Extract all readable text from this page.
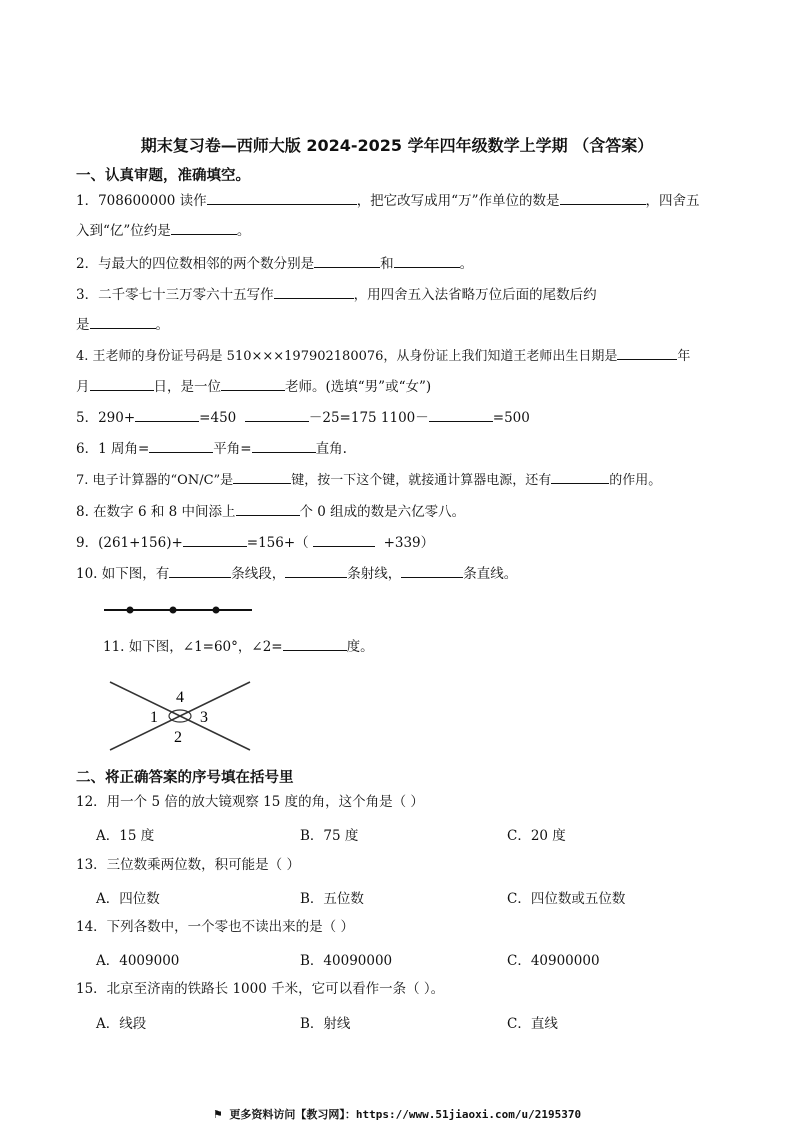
期末复习卷—西师大版 2024-2025 学年四年级数学上学期 （含答案）
一、认真审题，准确填空。
1．708600000 读作	，把它改写成用“万”作单位的数是	，四舍五
入到“亿”位约是	。
2．与最大的四位数相邻的两个数分别是	和	。
3．二千零七十三万零六十五写作	，用四舍五入法省略万位后面的尾数后约
是	。
4. 王老师的身份证号码是 510×××197902180076，从身份证上我们知道王老师出生日期是	年
月	日，是一位	老师。(选填“男”或“女”)
5．290+	=450	－25=175 1100－	=500
6．1 周角=	平角=	直角.
7. 电子计算器的“ON/C”是	键，按一下这个键，就接通计算器电源，还有	的作用。
8. 在数字 6 和 8 中间添上	个 0 组成的数是六亿零八。
9．(261+156)+	=156+（	+339）
10. 如下图，有	条线段，	条射线，	条直线。
11. 如下图，∠1=60°，∠2=	度。
4
1	3
2
二、将正确答案的序号填在括号里
12．用一个 5 倍的放大镜观察 15 度的角，这个角是（ ）
A．15 度	B．75 度	C．20 度
13．三位数乘两位数，积可能是（ ）
A．四位数	B．五位数	C．四位数或五位数
14．下列各数中，一个零也不读出来的是（ ）
A．4009000	B．40090000	C．40900000
15．北京至济南的铁路长 1000 千米，它可以看作一条（ ）。
A．线段	B．射线	C．直线
⚑ 更多资料访问【教习网】：https://www.51jiaoxi.com/u/2195370
